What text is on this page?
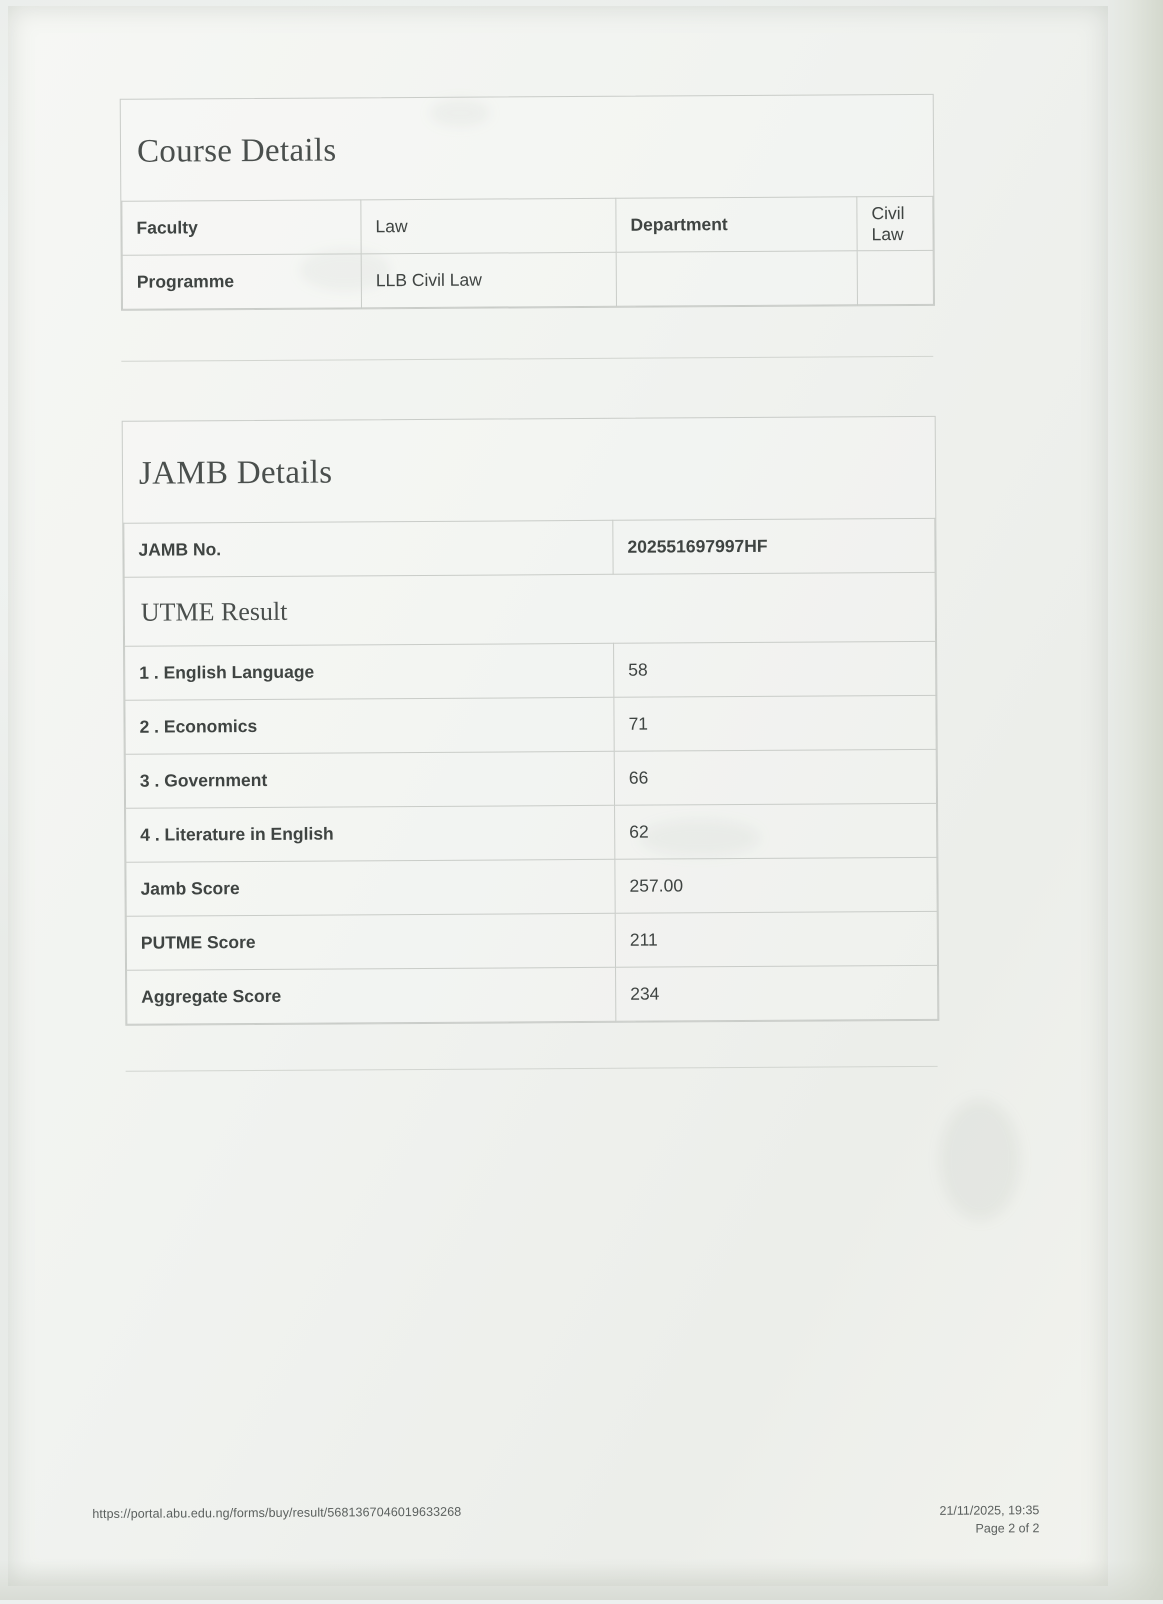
Course Details
Faculty	Law	Department	Civil Law
Programme	LLB Civil Law		
JAMB Details
JAMB No.	202551697997HF
UTME Result
1 . English Language	58
2 . Economics	71
3 . Government	66
4 . Literature in English	62
Jamb Score	257.00
PUTME Score	211
Aggregate Score	234
https://portal.abu.edu.ng/forms/buy/result/5681367046019633268	21/11/2025, 19:35
Page 2 of 2
